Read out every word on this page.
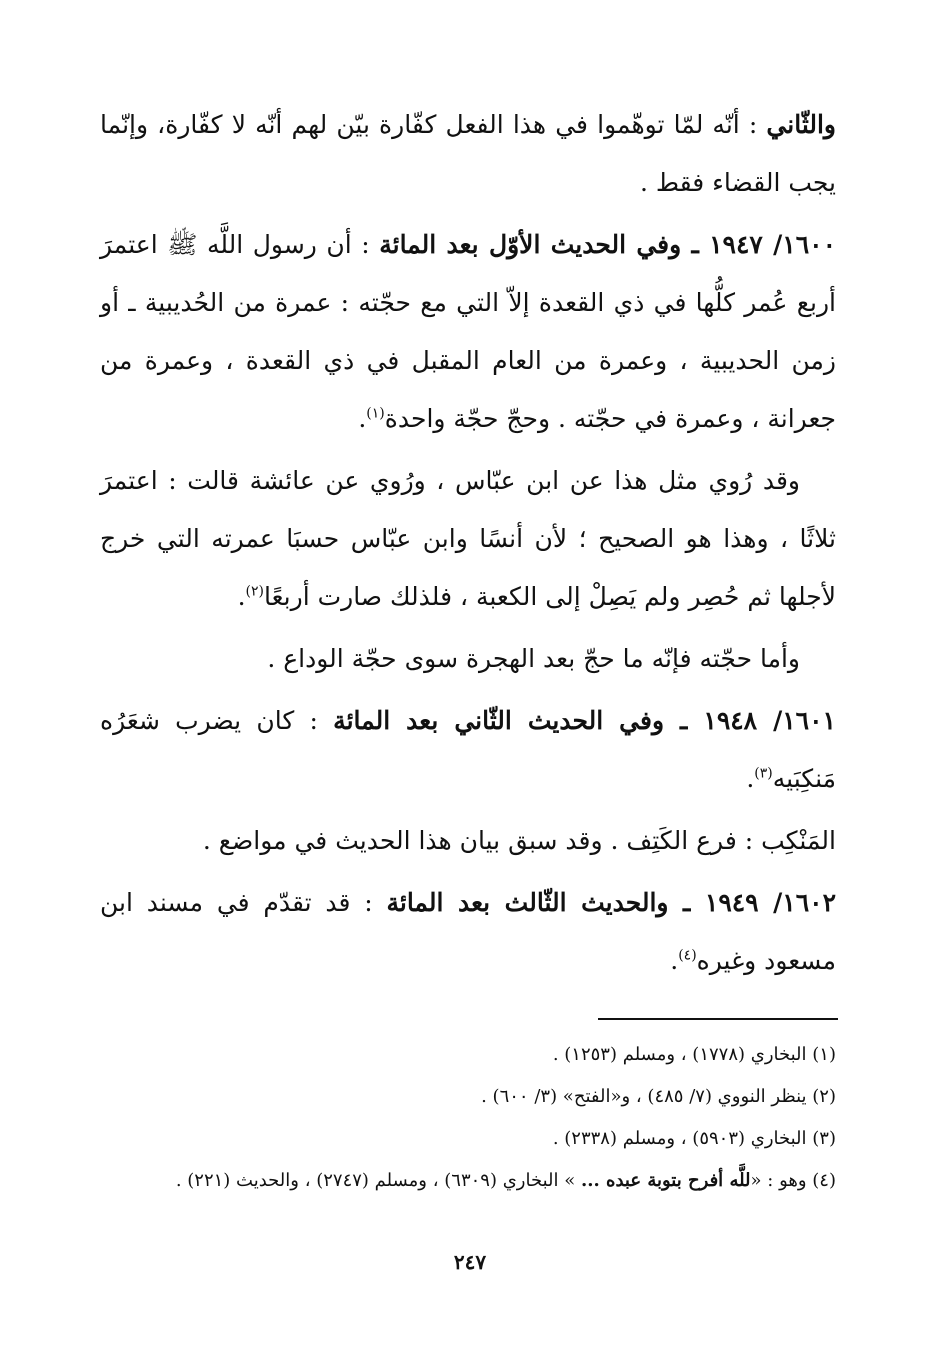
والثّاني : أنّه لمّا توهّموا في هذا الفعل كفّارة بيّن لهم أنّه لا كفّارة، وإنّما يجب القضاء فقط .

١٦٠٠/ ١٩٤٧ ـ وفي الحديث الأوّل بعد المائة : أن رسول اللَّه ﷺ اعتمرَ أربع عُمر كلُّها في ذي القعدة إلاّ التي مع حجّته : عمرة من الحُديبية ـ أو زمن الحديبية ، وعمرة من العام المقبل في ذي القعدة ، وعمرة من جعرانة ، وعمرة في حجّته . وحجّ حجّة واحدة$^{(١)}$.

وقد رُوي مثل هذا عن ابن عبّاس ، ورُوي عن عائشة قالت : اعتمرَ ثلاثًا ، وهذا هو الصحيح ؛ لأن أنسًا وابن عبّاس حسبَا عمرته التي خرج لأجلها ثم حُصِر ولم يَصِلْ إلى الكعبة ، فلذلك صارت أربعًا$^{(٢)}$.

وأما حجّته فإنّه ما حجّ بعد الهجرة سوى حجّة الوداع .

١٦٠١/ ١٩٤٨ ـ وفي الحديث الثّاني بعد المائة : كان يضرب شعَرُه مَنكِبَيه$^{(٣)}$.

المَنْكِب : فرع الكَتِف . وقد سبق بيان هذا الحديث في مواضع .

١٦٠٢/ ١٩٤٩ ـ والحديث الثّالث بعد المائة : قد تقدّم في مسند ابن مسعود وغيره$^{(٤)}$.

(١) البخاري (١٧٧٨) ، ومسلم (١٢٥٣) .

(٢) ينظر النووي (٧/ ٤٨٥) ، و«الفتح» (٣/ ٦٠٠) .

(٣) البخاري (٥٩٠٣) ، ومسلم (٢٣٣٨) .

(٤) وهو : «للَّه أفرح بتوبة عبده ... » البخاري (٦٣٠٩) ، ومسلم (٢٧٤٧) ، والحديث (٢٢١) .

٢٤٧
